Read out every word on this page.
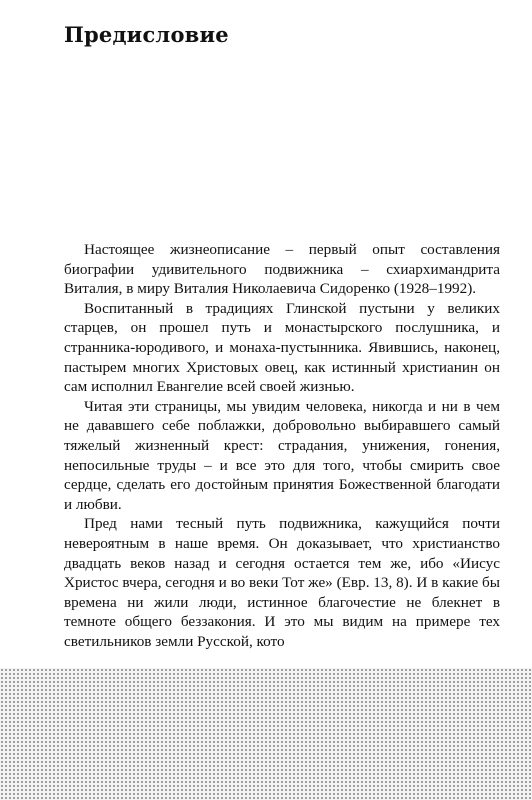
Предисловие

Настоящее жизнеописание – первый опыт составления биографии удивительного подвижника – схиархимандрита Виталия, в миру Виталия Николаевича Сидоренко (1928–1992).

Воспитанный в традициях Глинской пустыни у великих старцев, он прошел путь и монастырского послушника, и странника-юродивого, и монаха-пустынника. Явившись, наконец, пастырем многих Христовых овец, как истинный христианин он сам исполнил Евангелие всей своей жизнью.

Читая эти страницы, мы увидим человека, никогда и ни в чем не дававшего себе поблажки, добровольно выбиравшего самый тяжелый жизненный крест: страдания, унижения, гонения, непосильные труды – и все это для того, чтобы смирить свое сердце, сделать его достойным принятия Божественной благодати и любви.

Пред нами тесный путь подвижника, кажущийся почти невероятным в наше время. Он доказывает, что христианство двадцать веков назад и сегодня остается тем же, ибо «Иисус Христос вчера, сегодня и во веки Тот же» (Евр. 13, 8). И в какие бы времена ни жили люди, истинное благочестие не блекнет в темноте общего беззакония. И это мы видим на примере тех светильников земли Русской, кото
